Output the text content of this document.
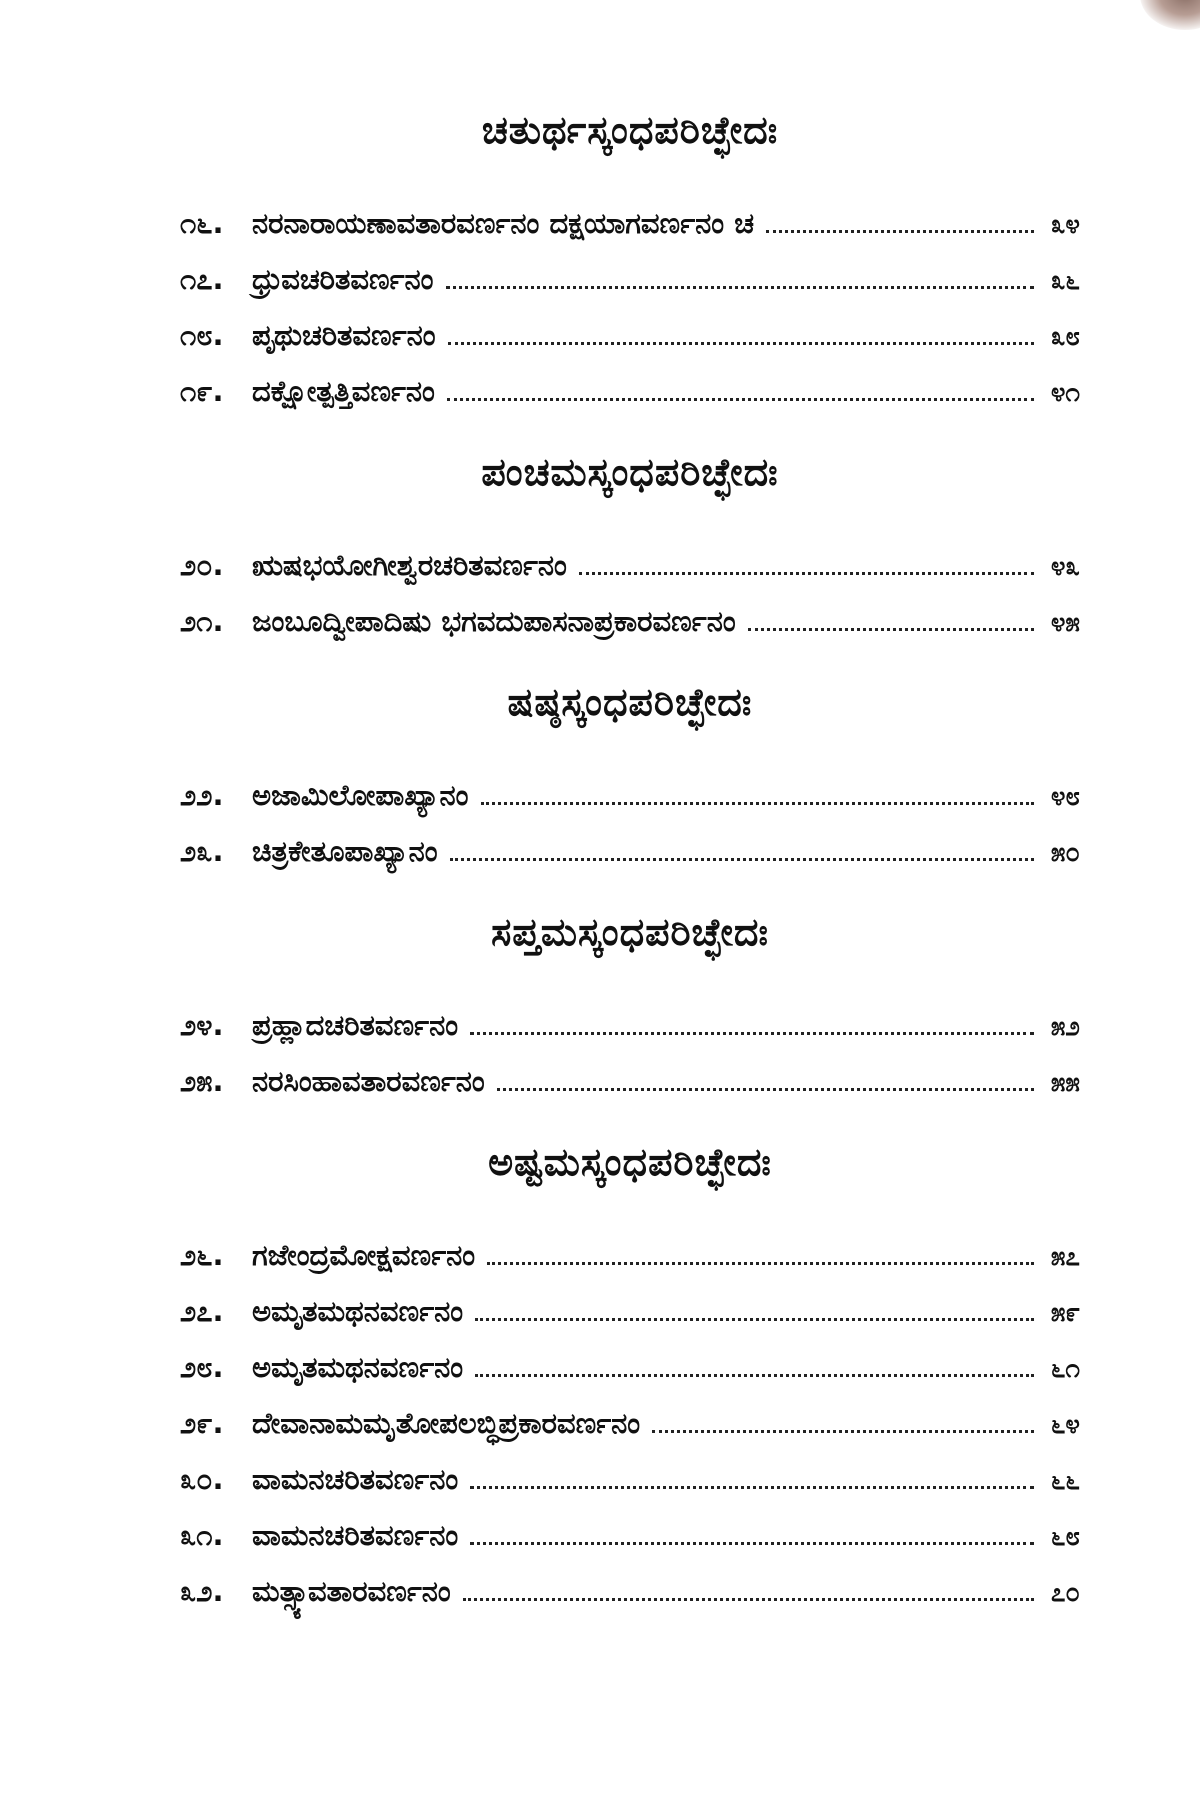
ಚತುರ್ಥಸ್ಕಂಧಪರಿಚ್ಛೇದಃ
೧೬. ನರನಾರಾಯಣಾವತಾರವರ್ಣನಂ ದಕ್ಷಯಾಗವರ್ಣನಂ ಚ	೩೪
೧೭. ಧ್ರುವಚರಿತವರ್ಣನಂ	೩೬
೧೮. ಪೃಥುಚರಿತವರ್ಣನಂ	೩೮
೧೯. ದಕ್ಷೋತ್ಪತ್ತಿವರ್ಣನಂ	೪೧
ಪಂಚಮಸ್ಕಂಧಪರಿಚ್ಛೇದಃ
೨೦. ಋಷಭಯೋಗೀಶ್ವರಚರಿತವರ್ಣನಂ	೪೩
೨೧. ಜಂಬೂದ್ವೀಪಾದಿಷು ಭಗವದುಪಾಸನಾಪ್ರಕಾರವರ್ಣನಂ	೪೫
ಷಷ್ಠಸ್ಕಂಧಪರಿಚ್ಛೇದಃ
೨೨. ಅಜಾಮಿಲೋಪಾಖ್ಯಾನಂ	೪೮
೨೩. ಚಿತ್ರಕೇತೂಪಾಖ್ಯಾನಂ	೫೦
ಸಪ್ತಮಸ್ಕಂಧಪರಿಚ್ಛೇದಃ
೨೪. ಪ್ರಹ್ಲಾದಚರಿತವರ್ಣನಂ	೫೨
೨೫. ನರಸಿಂಹಾವತಾರವರ್ಣನಂ	೫೫
ಅಷ್ಟಮಸ್ಕಂಧಪರಿಚ್ಛೇದಃ
೨೬. ಗಜೇಂದ್ರಮೋಕ್ಷವರ್ಣನಂ	೫೭
೨೭. ಅಮೃತಮಥನವರ್ಣನಂ	೫೯
೨೮. ಅಮೃತಮಥನವರ್ಣನಂ	೬೧
೨೯. ದೇವಾನಾಮಮೃತೋಪಲಬ್ಧಿಪ್ರಕಾರವರ್ಣನಂ	೬೪
೩೦. ವಾಮನಚರಿತವರ್ಣನಂ	೬೬
೩೧. ವಾಮನಚರಿತವರ್ಣನಂ	೬೮
೩೨. ಮತ್ಸ್ಯಾವತಾರವರ್ಣನಂ	೭೦
